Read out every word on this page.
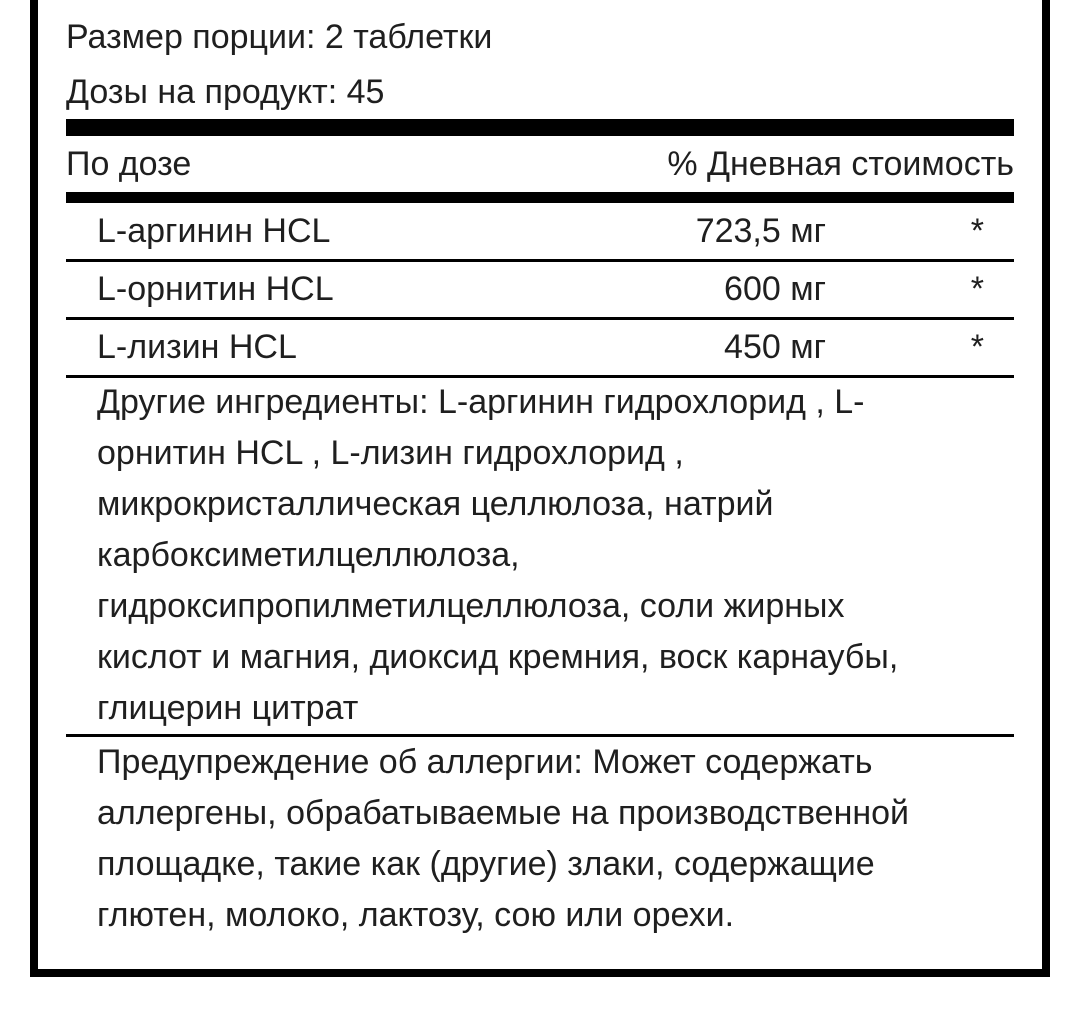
Размер порции: 2 таблетки
Дозы на продукт: 45
По дозе	% Дневная стоимость
L-аргинин HCL	723,5 мг	*
L-орнитин HCL	600 мг	*
L-лизин HCL	450 мг	*
Другие ингредиенты: L-аргинин гидрохлорид , L-
орнитин HCL , L-лизин гидрохлорид ,
микрокристаллическая целлюлоза, натрий
карбоксиметилцеллюлоза,
гидроксипропилметилцеллюлоза, соли жирных
кислот и магния, диоксид кремния, воск карнаубы,
глицерин цитрат
Предупреждение об аллергии: Может содержать
аллергены, обрабатываемые на производственной
площадке, такие как (другие) злаки, содержащие
глютен, молоко, лактозу, сою или орехи.
